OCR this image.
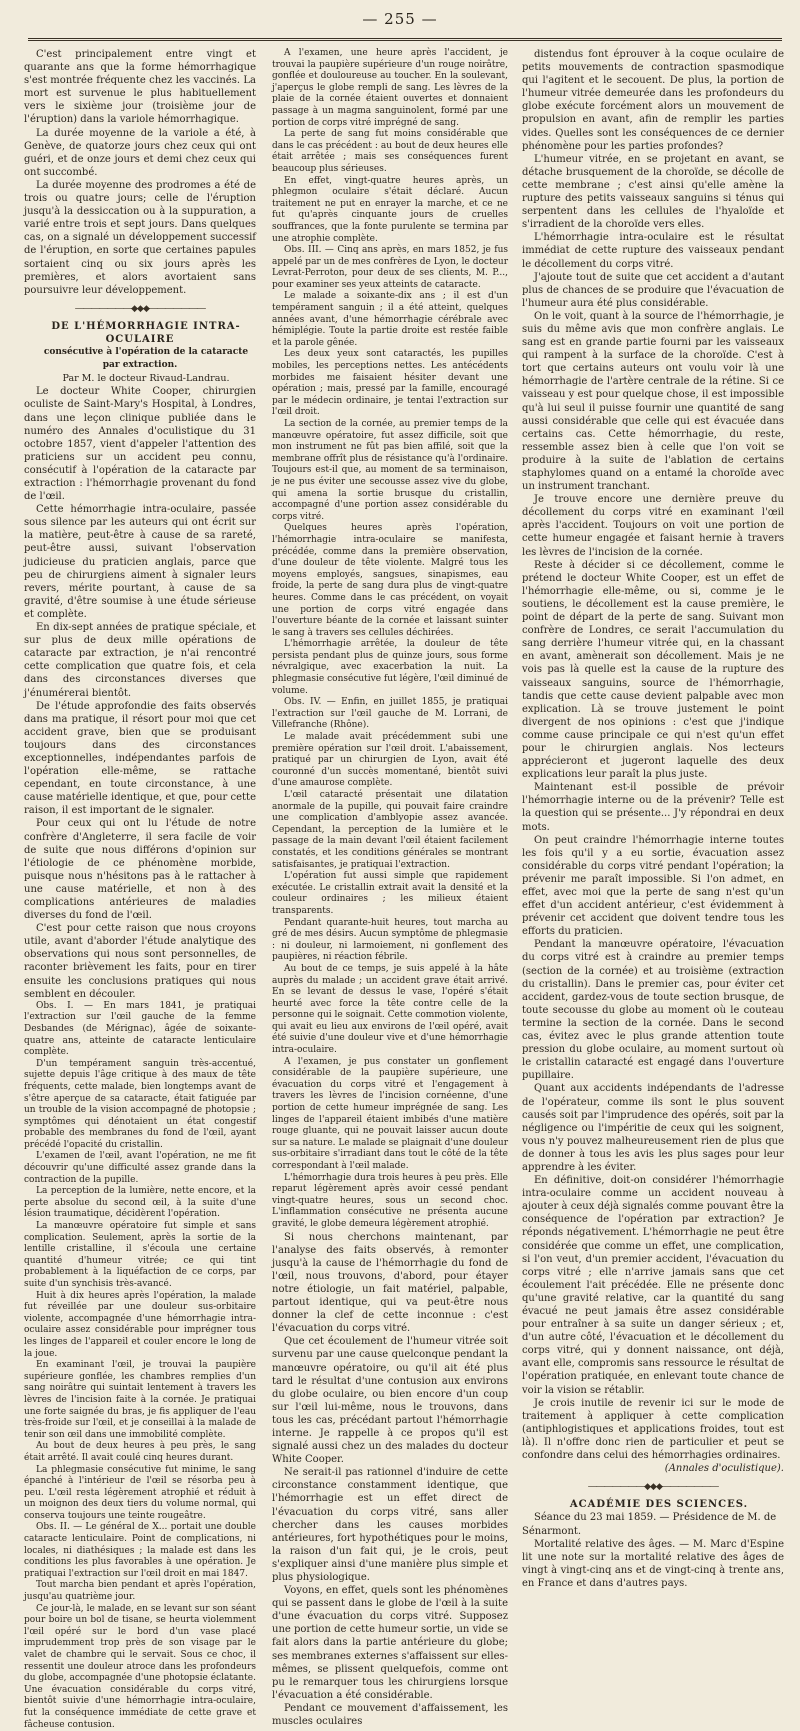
— 255 —

C'est principalement entre vingt et quarante ans que la forme hémorrhagique s'est montrée fréquente chez les vaccinés. La mort est survenue le plus habituellement vers le sixième jour (troisième jour de l'éruption) dans la variole hémorrhagique.

La durée moyenne de la variole a été, à Genève, de quatorze jours chez ceux qui ont guéri, et de onze jours et demi chez ceux qui ont succombé.

La durée moyenne des prodromes a été de trois ou quatre jours; celle de l'éruption jusqu'à la dessiccation ou à la suppuration, a varié entre trois et sept jours. Dans quelques cas, on a signalé un développement successif de l'éruption, en sorte que certaines papules sortaient cinq ou six jours après les premières, et alors avortaient sans poursuivre leur développement.

―――――――◆◆◆―――――――

DE L'HÉMORRHAGIE INTRA-OCULAIRE

consécutive à l'opération de la cataracte par extraction.

Par M. le docteur Rivaud-Landrau.

Le docteur White Cooper, chirurgien oculiste de Saint-Mary's Hospital, à Londres, dans une leçon clinique publiée dans le numéro des Annales d'oculistique du 31 octobre 1857, vient d'appeler l'attention des praticiens sur un accident peu connu, consécutif à l'opération de la cataracte par extraction : l'hémorrhagie provenant du fond de l'œil.

Cette hémorrhagie intra-oculaire, passée sous silence par les auteurs qui ont écrit sur la matière, peut-être à cause de sa rareté, peut-être aussi, suivant l'observation judicieuse du praticien anglais, parce que peu de chirurgiens aiment à signaler leurs revers, mérite pourtant, à cause de sa gravité, d'être soumise à une étude sérieuse et complète.

En dix-sept années de pratique spéciale, et sur plus de deux mille opérations de cataracte par extraction, je n'ai rencontré cette complication que quatre fois, et cela dans des circonstances diverses que j'énumérerai bientôt.

De l'étude approfondie des faits observés dans ma pratique, il résort pour moi que cet accident grave, bien que se produisant toujours dans des circonstances exceptionnelles, indépendantes parfois de l'opération elle-même, se rattache cependant, en toute circonstance, à une cause matérielle identique, et que, pour cette raison, il est important de le signaler.

Pour ceux qui ont lu l'étude de notre confrère d'Angleterre, il sera facile de voir de suite que nous différons d'opinion sur l'étiologie de ce phénomène morbide, puisque nous n'hésitons pas à le rattacher à une cause matérielle, et non à des complications antérieures de maladies diverses du fond de l'œil.

C'est pour cette raison que nous croyons utile, avant d'aborder l'étude analytique des observations qui nous sont personnelles, de raconter brièvement les faits, pour en tirer ensuite les conclusions pratiques qui nous semblent en découler.

Obs. I. — En mars 1841, je pratiquai l'extraction sur l'œil gauche de la femme Desbandes (de Mérignac), âgée de soixante-quatre ans, atteinte de cataracte lenticulaire complète.

D'un tempérament sanguin très-accentué, sujette depuis l'âge critique à des maux de tête fréquents, cette malade, bien longtemps avant de s'être aperçue de sa cataracte, était fatiguée par un trouble de la vision accompagné de photopsie ; symptômes qui dénotaient un état congestif probable des membranes du fond de l'œil, ayant précédé l'opacité du cristallin.

L'examen de l'œil, avant l'opération, ne me fit découvrir qu'une difficulté assez grande dans la contraction de la pupille.

La perception de la lumière, nette encore, et la perte absolue du second œil, à la suite d'une lésion traumatique, décidèrent l'opération.

La manœuvre opératoire fut simple et sans complication. Seulement, après la sortie de la lentille cristalline, il s'écoula une certaine quantité d'humeur vitrée; ce qui tint probablement à la liquéfaction de ce corps, par suite d'un synchisis très-avancé.

Huit à dix heures après l'opération, la malade fut réveillée par une douleur sus-orbitaire violente, accompagnée d'une hémorrhagie intra-oculaire assez considérable pour imprégner tous les linges de l'appareil et couler encore le long de la joue.

En examinant l'œil, je trouvai la paupière supérieure gonflée, les chambres remplies d'un sang noirâtre qui suintait lentement à travers les lèvres de l'incision faite à la cornée. Je pratiquai une forte saignée du bras, je fis appliquer de l'eau très-froide sur l'œil, et je conseillai à la malade de tenir son œil dans une immobilité complète.

Au bout de deux heures à peu près, le sang était arrêté. Il avait coulé cinq heures durant.

La phlegmasie consécutive fut minime, le sang épanché à l'intérieur de l'œil se résorba peu à peu. L'œil resta légèrement atrophié et réduit à un moignon des deux tiers du volume normal, qui conserva toujours une teinte rougeâtre.

Obs. II. — Le général de X... portait une double cataracte lenticulaire. Point de complications, ni locales, ni diathésiques ; la malade est dans les conditions les plus favorables à une opération. Je pratiquai l'extraction sur l'œil droit en mai 1847.

Tout marcha bien pendant et après l'opération, jusqu'au quatrième jour.

Ce jour-là, le malade, en se levant sur son séant pour boire un bol de tisane, se heurta violemment l'œil opéré sur le bord d'un vase placé imprudemment trop près de son visage par le valet de chambre qui le servait. Sous ce choc, il ressentit une douleur atroce dans les profondeurs du globe, accompagnée d'une photopsie éclatante. Une évacuation considérable du corps vitré, bientôt suivie d'une hémorrhagie intra-oculaire, fut la conséquence immédiate de cette grave et fâcheuse contusion.

A l'examen, une heure après l'accident, je trouvai la paupière supérieure d'un rouge noirâtre, gonflée et douloureuse au toucher. En la soulevant, j'aperçus le globe rempli de sang. Les lèvres de la plaie de la cornée étaient ouvertes et donnaient passage à un magma sanguinolent, formé par une portion de corps vitré imprégné de sang.

La perte de sang fut moins considérable que dans le cas précédent : au bout de deux heures elle était arrêtée ; mais ses conséquences furent beaucoup plus sérieuses.

En effet, vingt-quatre heures après, un phlegmon oculaire s'était déclaré. Aucun traitement ne put en enrayer la marche, et ce ne fut qu'après cinquante jours de cruelles souffrances, que la fonte purulente se termina par une atrophie complète.

Obs. III. — Cinq ans après, en mars 1852, je fus appelé par un de mes confrères de Lyon, le docteur Levrat-Perroton, pour deux de ses clients, M. P..., pour examiner ses yeux atteints de cataracte.

Le malade a soixante-dix ans ; il est d'un tempérament sanguin ; il a été atteint, quelques années avant, d'une hémorrhagie cérébrale avec hémiplégie. Toute la partie droite est restée faible et la parole gênée.

Les deux yeux sont cataractés, les pupilles mobiles, les perceptions nettes. Les antécédents morbides me faisaient hésiter devant une opération ; mais, pressé par la famille, encouragé par le médecin ordinaire, je tentai l'extraction sur l'œil droit.

La section de la cornée, au premier temps de la manœuvre opératoire, fut assez difficile, soit que mon instrument ne fût pas bien affilé, soit que la membrane offrît plus de résistance qu'à l'ordinaire. Toujours est-il que, au moment de sa terminaison, je ne pus éviter une secousse assez vive du globe, qui amena la sortie brusque du cristallin, accompagné d'une portion assez considérable du corps vitré.

Quelques heures après l'opération, l'hémorrhagie intra-oculaire se manifesta, précédée, comme dans la première observation, d'une douleur de tête violente. Malgré tous les moyens employés, sangsues, sinapismes, eau froide, la perte de sang dura plus de vingt-quatre heures. Comme dans le cas précédent, on voyait une portion de corps vitré engagée dans l'ouverture béante de la cornée et laissant suinter le sang à travers ses cellules déchirées.

L'hémorrhagie arrêtée, la douleur de tête persista pendant plus de quinze jours, sous forme névralgique, avec exacerbation la nuit. La phlegmasie consécutive fut légère, l'œil diminué de volume.

Obs. IV. — Enfin, en juillet 1855, je pratiquai l'extraction sur l'œil gauche de M. Lorrani, de Villefranche (Rhône).

Le malade avait précédemment subi une première opération sur l'œil droit. L'abaissement, pratiqué par un chirurgien de Lyon, avait été couronné d'un succès momentané, bientôt suivi d'une amaurose complète.

L'œil cataracté présentait une dilatation anormale de la pupille, qui pouvait faire craindre une complication d'amblyopie assez avancée. Cependant, la perception de la lumière et le passage de la main devant l'œil étaient facilement constatés, et les conditions générales se montrant satisfaisantes, je pratiquai l'extraction.

L'opération fut aussi simple que rapidement exécutée. Le cristallin extrait avait la densité et la couleur ordinaires ; les milieux étaient transparents.

Pendant quarante-huit heures, tout marcha au gré de mes désirs. Aucun symptôme de phlegmasie : ni douleur, ni larmoiement, ni gonflement des paupières, ni réaction fébrile.

Au bout de ce temps, je suis appelé à la hâte auprès du malade ; un accident grave était arrivé. En se levant de dessus le vase, l'opéré s'était heurté avec force la tête contre celle de la personne qui le soignait. Cette commotion violente, qui avait eu lieu aux environs de l'œil opéré, avait été suivie d'une douleur vive et d'une hémorrhagie intra-oculaire.

A l'examen, je pus constater un gonflement considérable de la paupière supérieure, une évacuation du corps vitré et l'engagement à travers les lèvres de l'incision cornéenne, d'une portion de cette humeur imprégnée de sang. Les linges de l'appareil étaient imbibés d'une matière rouge gluante, qui ne pouvait laisser aucun doute sur sa nature. Le malade se plaignait d'une douleur sus-orbitaire s'irradiant dans tout le côté de la tête correspondant à l'œil malade.

L'hémorrhagie dura trois heures à peu près. Elle reparut légèrement après avoir cessé pendant vingt-quatre heures, sous un second choc. L'inflammation consécutive ne présenta aucune gravité, le globe demeura légèrement atrophié.

Si nous cherchons maintenant, par l'analyse des faits observés, à remonter jusqu'à la cause de l'hémorrhagie du fond de l'œil, nous trouvons, d'abord, pour étayer notre étiologie, un fait matériel, palpable, partout identique, qui va peut-être nous donner la clef de cette inconnue : c'est l'évacuation du corps vitré.

Que cet écoulement de l'humeur vitrée soit survenu par une cause quelconque pendant la manœuvre opératoire, ou qu'il ait été plus tard le résultat d'une contusion aux environs du globe oculaire, ou bien encore d'un coup sur l'œil lui-même, nous le trouvons, dans tous les cas, précédant partout l'hémorrhagie interne. Je rappelle à ce propos qu'il est signalé aussi chez un des malades du docteur White Cooper.

Ne serait-il pas rationnel d'induire de cette circonstance constamment identique, que l'hémorrhagie est un effet direct de l'évacuation du corps vitré, sans aller chercher dans les causes morbides antérieures, fort hypothétiques pour le moins, la raison d'un fait qui, je le crois, peut s'expliquer ainsi d'une manière plus simple et plus physiologique.

Voyons, en effet, quels sont les phénomènes qui se passent dans le globe de l'œil à la suite d'une évacuation du corps vitré. Supposez une portion de cette humeur sortie, un vide se fait alors dans la partie antérieure du globe; ses membranes externes s'affaissent sur elles-mêmes, se plissent quelquefois, comme ont pu le remarquer tous les chirurgiens lorsque l'évacuation a été considérable.

Pendant ce mouvement d'affaissement, les muscles oculaires

distendus font éprouver à la coque oculaire de petits mouvements de contraction spasmodique qui l'agitent et le secouent. De plus, la portion de l'humeur vitrée demeurée dans les profondeurs du globe exécute forcément alors un mouvement de propulsion en avant, afin de remplir les parties vides. Quelles sont les conséquences de ce dernier phénomène pour les parties profondes?

L'humeur vitrée, en se projetant en avant, se détache brusquement de la choroïde, se décolle de cette membrane ; c'est ainsi qu'elle amène la rupture des petits vaisseaux sanguins si ténus qui serpentent dans les cellules de l'hyaloïde et s'irradient de la choroïde vers elles.

L'hémorrhagie intra-oculaire est le résultat immédiat de cette rupture des vaisseaux pendant le décollement du corps vitré.

J'ajoute tout de suite que cet accident a d'autant plus de chances de se produire que l'évacuation de l'humeur aura été plus considérable.

On le voit, quant à la source de l'hémorrhagie, je suis du même avis que mon confrère anglais. Le sang est en grande partie fourni par les vaisseaux qui rampent à la surface de la choroïde. C'est à tort que certains auteurs ont voulu voir là une hémorrhagie de l'artère centrale de la rétine. Si ce vaisseau y est pour quelque chose, il est impossible qu'à lui seul il puisse fournir une quantité de sang aussi considérable que celle qui est évacuée dans certains cas. Cette hémorrhagie, du reste, ressemble assez bien à celle que l'on voit se produire à la suite de l'ablation de certains staphylomes quand on a entamé la choroïde avec un instrument tranchant.

Je trouve encore une dernière preuve du décollement du corps vitré en examinant l'œil après l'accident. Toujours on voit une portion de cette humeur engagée et faisant hernie à travers les lèvres de l'incision de la cornée.

Reste à décider si ce décollement, comme le prétend le docteur White Cooper, est un effet de l'hémorrhagie elle-même, ou si, comme je le soutiens, le décollement est la cause première, le point de départ de la perte de sang. Suivant mon confrère de Londres, ce serait l'accumulation du sang derrière l'humeur vitrée qui, en la chassant en avant, amènerait son décollement. Mais je ne vois pas là quelle est la cause de la rupture des vaisseaux sanguins, source de l'hémorrhagie, tandis que cette cause devient palpable avec mon explication. Là se trouve justement le point divergent de nos opinions : c'est que j'indique comme cause principale ce qui n'est qu'un effet pour le chirurgien anglais. Nos lecteurs apprécieront et jugeront laquelle des deux explications leur paraît la plus juste.

Maintenant est-il possible de prévoir l'hémorrhagie interne ou de la prévenir? Telle est la question qui se présente... J'y répondrai en deux mots.

On peut craindre l'hémorrhagie interne toutes les fois qu'il y a eu sortie, évacuation assez considérable du corps vitré pendant l'opération; la prévenir me paraît impossible. Si l'on admet, en effet, avec moi que la perte de sang n'est qu'un effet d'un accident antérieur, c'est évidemment à prévenir cet accident que doivent tendre tous les efforts du praticien.

Pendant la manœuvre opératoire, l'évacuation du corps vitré est à craindre au premier temps (section de la cornée) et au troisième (extraction du cristallin). Dans le premier cas, pour éviter cet accident, gardez-vous de toute section brusque, de toute secousse du globe au moment où le couteau termine la section de la cornée. Dans le second cas, évitez avec le plus grande attention toute pression du globe oculaire, au moment surtout où le cristallin cataracté est engagé dans l'ouverture pupillaire.

Quant aux accidents indépendants de l'adresse de l'opérateur, comme ils sont le plus souvent causés soit par l'imprudence des opérés, soit par la négligence ou l'impéritie de ceux qui les soignent, vous n'y pouvez malheureusement rien de plus que de donner à tous les avis les plus sages pour leur apprendre à les éviter.

En définitive, doit-on considérer l'hémorrhagie intra-oculaire comme un accident nouveau à ajouter à ceux déjà signalés comme pouvant être la conséquence de l'opération par extraction? Je réponds négativement. L'hémorrhagie ne peut être considérée que comme un effet, une complication, si l'on veut, d'un premier accident, l'évacuation du corps vitré ; elle n'arrive jamais sans que cet écoulement l'ait précédée. Elle ne présente donc qu'une gravité relative, car la quantité du sang évacué ne peut jamais être assez considérable pour entraîner à sa suite un danger sérieux ; et, d'un autre côté, l'évacuation et le décollement du corps vitré, qui y donnent naissance, ont déjà, avant elle, compromis sans ressource le résultat de l'opération pratiquée, en enlevant toute chance de voir la vision se rétablir.

Je crois inutile de revenir ici sur le mode de traitement à appliquer à cette complication (antiphlogistiques et applications froides, tout est là). Il n'offre donc rien de particulier et peut se confondre dans celui des hémorrhagies ordinaires.

(Annales d'oculistique).

―――――――◆◆◆―――――――

ACADÉMIE DES SCIENCES.

Séance du 23 mai 1859. — Présidence de M. de Sénarmont.

Mortalité relative des âges. — M. Marc d'Espine lit une note sur la mortalité relative des âges de vingt à vingt-cinq ans et de vingt-cinq à trente ans, en France et dans d'autres pays.
